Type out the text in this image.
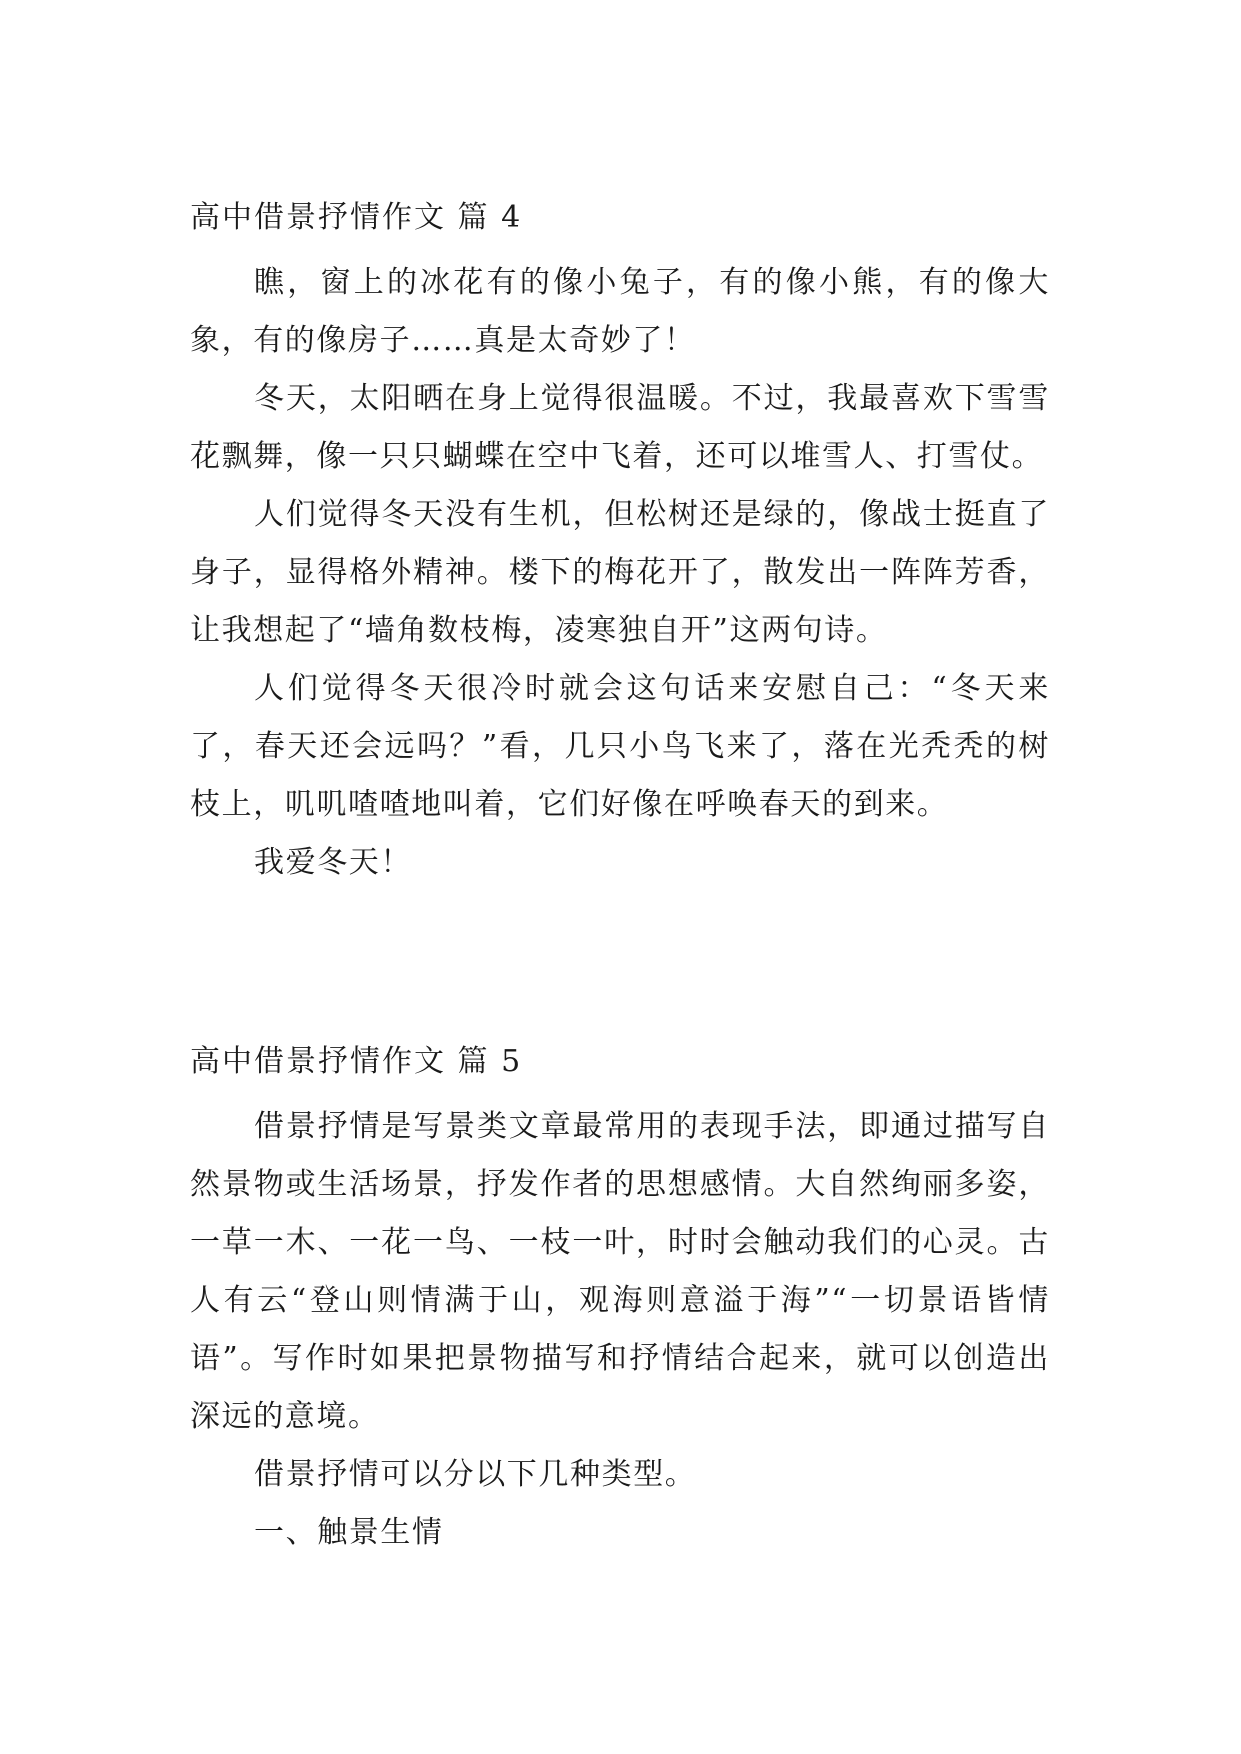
高中借景抒情作文 篇 4

瞧，窗上的冰花有的像小兔子，有的像小熊，有的像大象，有的像房子……真是太奇妙了！

冬天，太阳晒在身上觉得很温暖。不过，我最喜欢下雪雪花飘舞，像一只只蝴蝶在空中飞着，还可以堆雪人、打雪仗。

人们觉得冬天没有生机，但松树还是绿的，像战士挺直了身子，显得格外精神。楼下的梅花开了，散发出一阵阵芳香，让我想起了“墙角数枝梅，凌寒独自开”这两句诗。

人们觉得冬天很冷时就会这句话来安慰自己：“冬天来了，春天还会远吗？”看，几只小鸟飞来了，落在光秃秃的树枝上，叽叽喳喳地叫着，它们好像在呼唤春天的到来。

我爱冬天！

高中借景抒情作文 篇 5

借景抒情是写景类文章最常用的表现手法，即通过描写自然景物或生活场景，抒发作者的思想感情。大自然绚丽多姿，一草一木、一花一鸟、一枝一叶，时时会触动我们的心灵。古人有云“登山则情满于山，观海则意溢于海”“一切景语皆情语”。写作时如果把景物描写和抒情结合起来，就可以创造出深远的意境。

借景抒情可以分以下几种类型。

一、触景生情
